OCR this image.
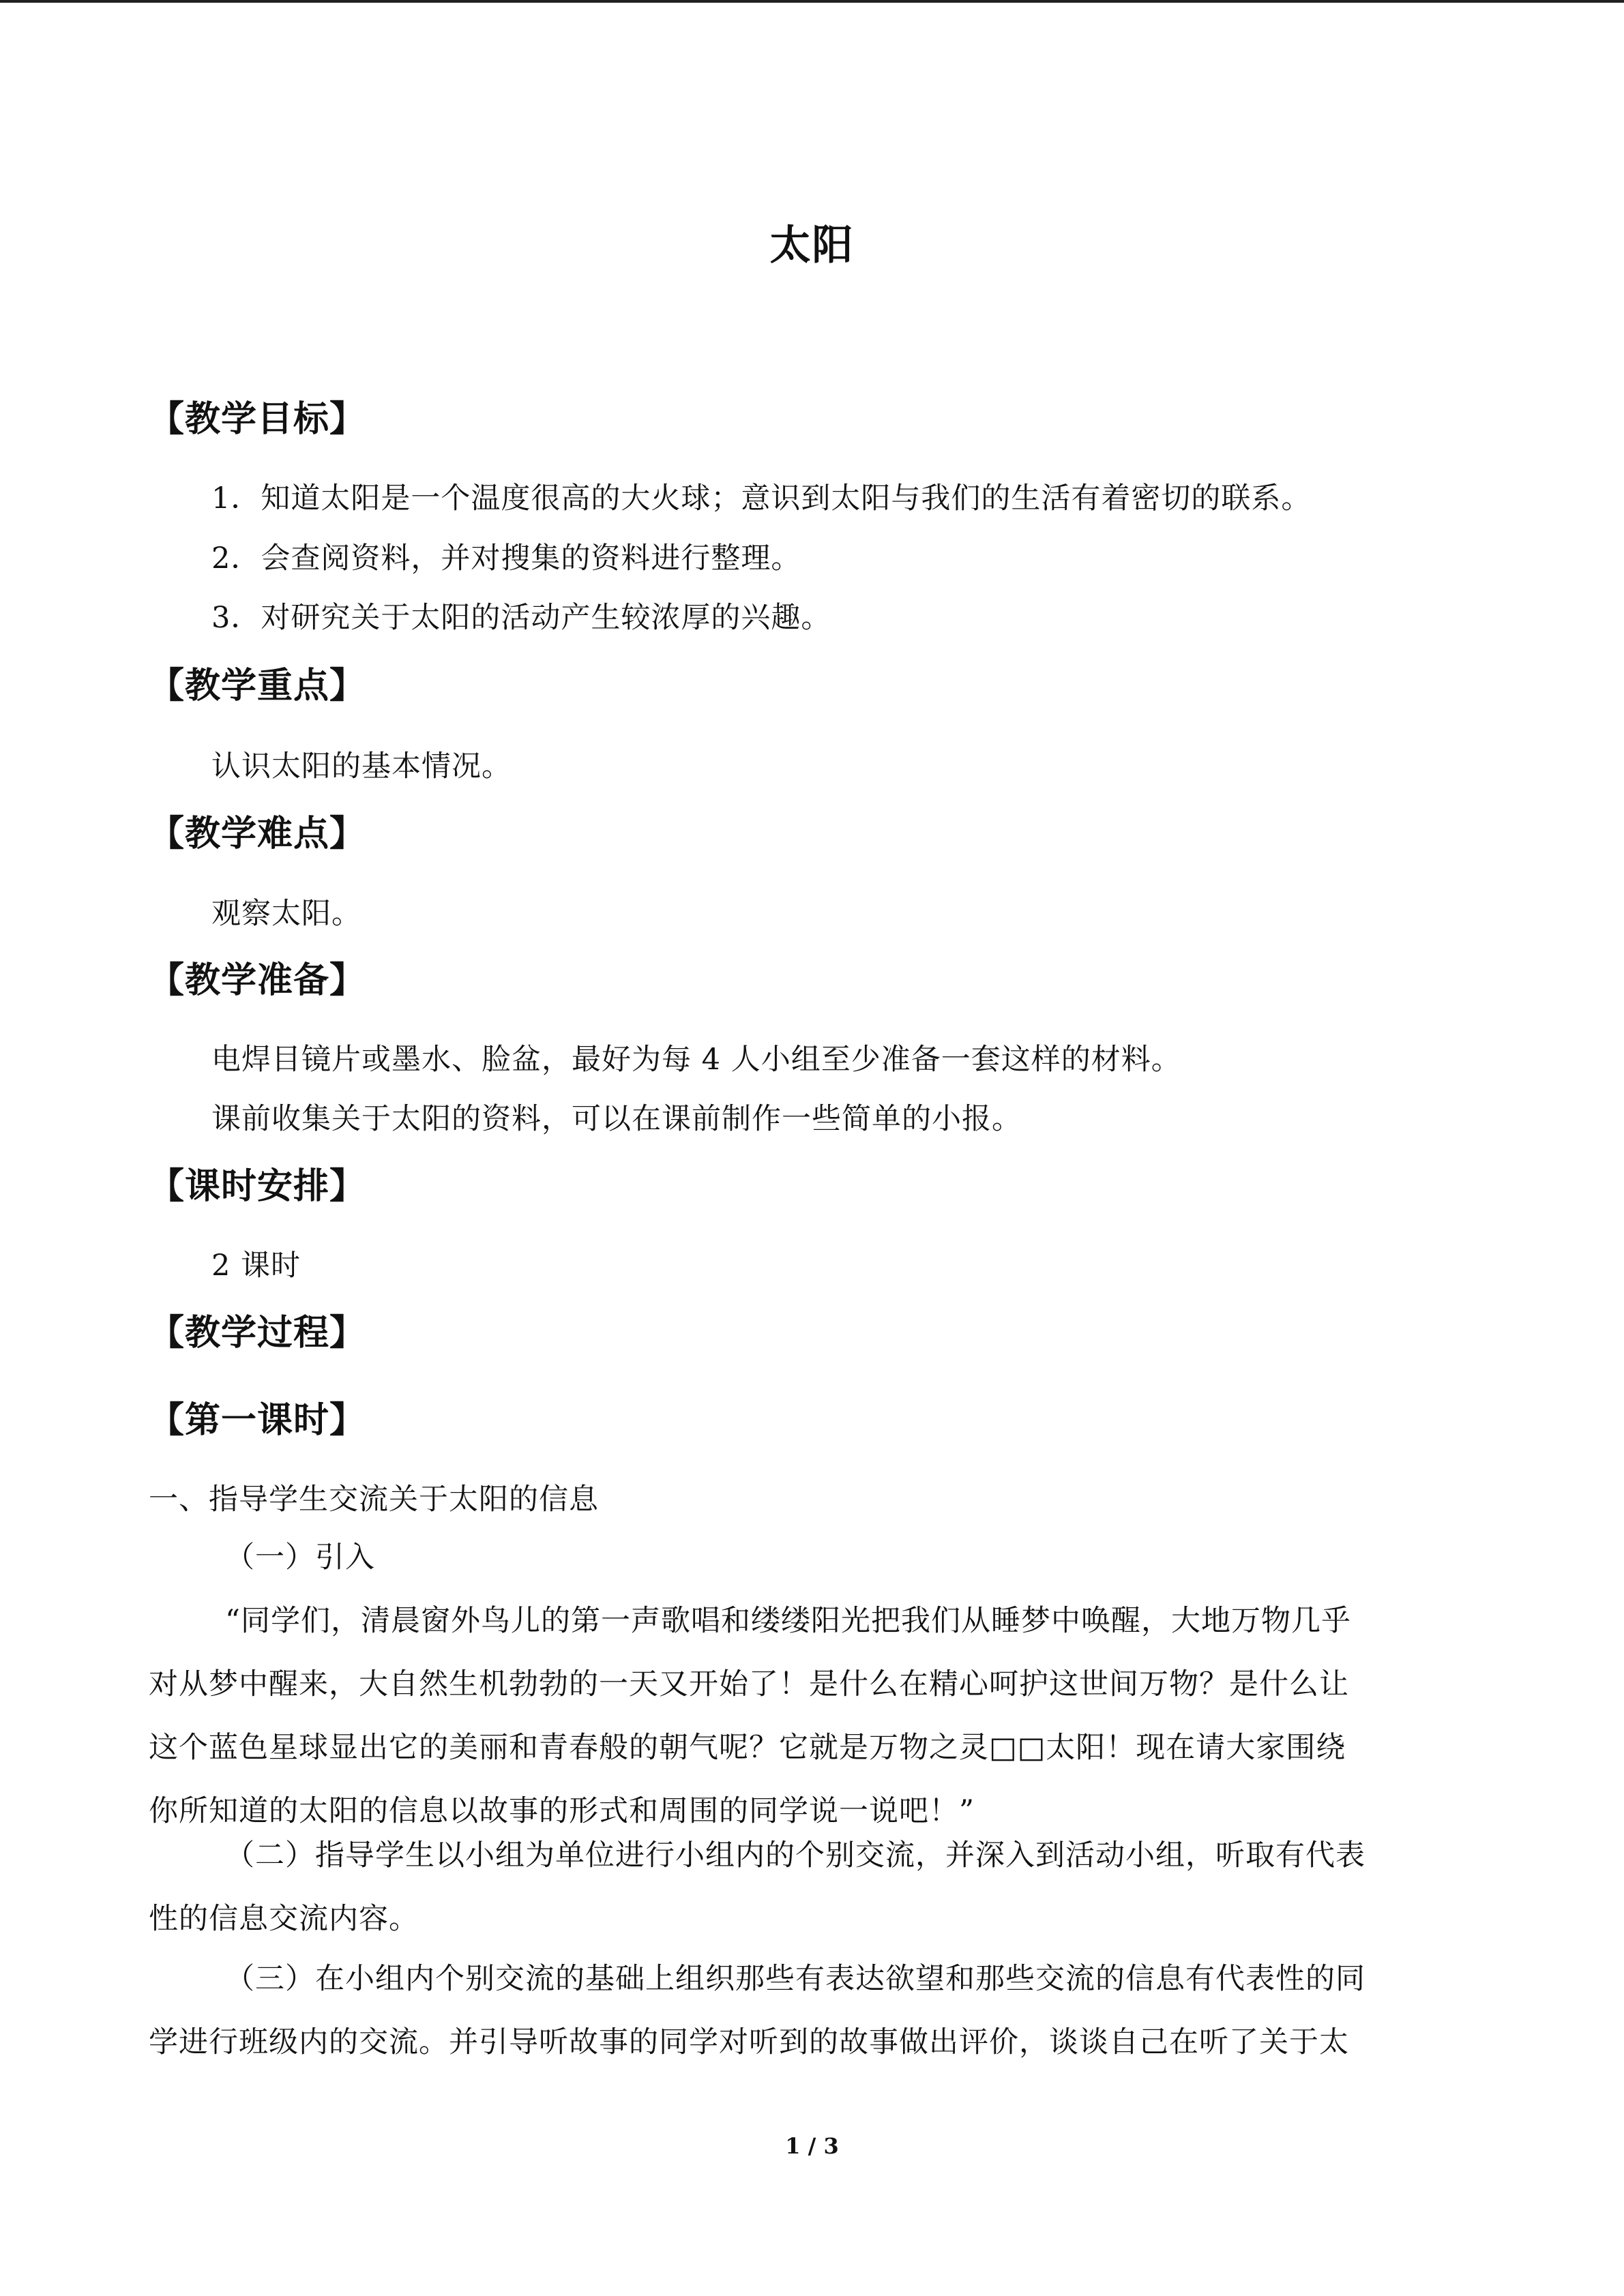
太阳
【教学目标】
1．知道太阳是一个温度很高的大火球；意识到太阳与我们的生活有着密切的联系。
2．会查阅资料，并对搜集的资料进行整理。
3．对研究关于太阳的活动产生较浓厚的兴趣。
【教学重点】
认识太阳的基本情况。
【教学难点】
观察太阳。
【教学准备】
电焊目镜片或墨水、脸盆，最好为每 4 人小组至少准备一套这样的材料。
课前收集关于太阳的资料，可以在课前制作一些简单的小报。
【课时安排】
2 课时
【教学过程】
【第一课时】
一、指导学生交流关于太阳的信息
（一）引入
“同学们，清晨窗外鸟儿的第一声歌唱和缕缕阳光把我们从睡梦中唤醒，大地万物几乎
对从梦中醒来，大自然生机勃勃的一天又开始了！是什么在精心呵护这世间万物？是什么让
这个蓝色星球显出它的美丽和青春般的朝气呢？它就是万物之灵□□太阳！现在请大家围绕
你所知道的太阳的信息以故事的形式和周围的同学说一说吧！”
（二）指导学生以小组为单位进行小组内的个别交流，并深入到活动小组，听取有代表
性的信息交流内容。
（三）在小组内个别交流的基础上组织那些有表达欲望和那些交流的信息有代表性的同
学进行班级内的交流。并引导听故事的同学对听到的故事做出评价，谈谈自己在听了关于太
1 / 3
